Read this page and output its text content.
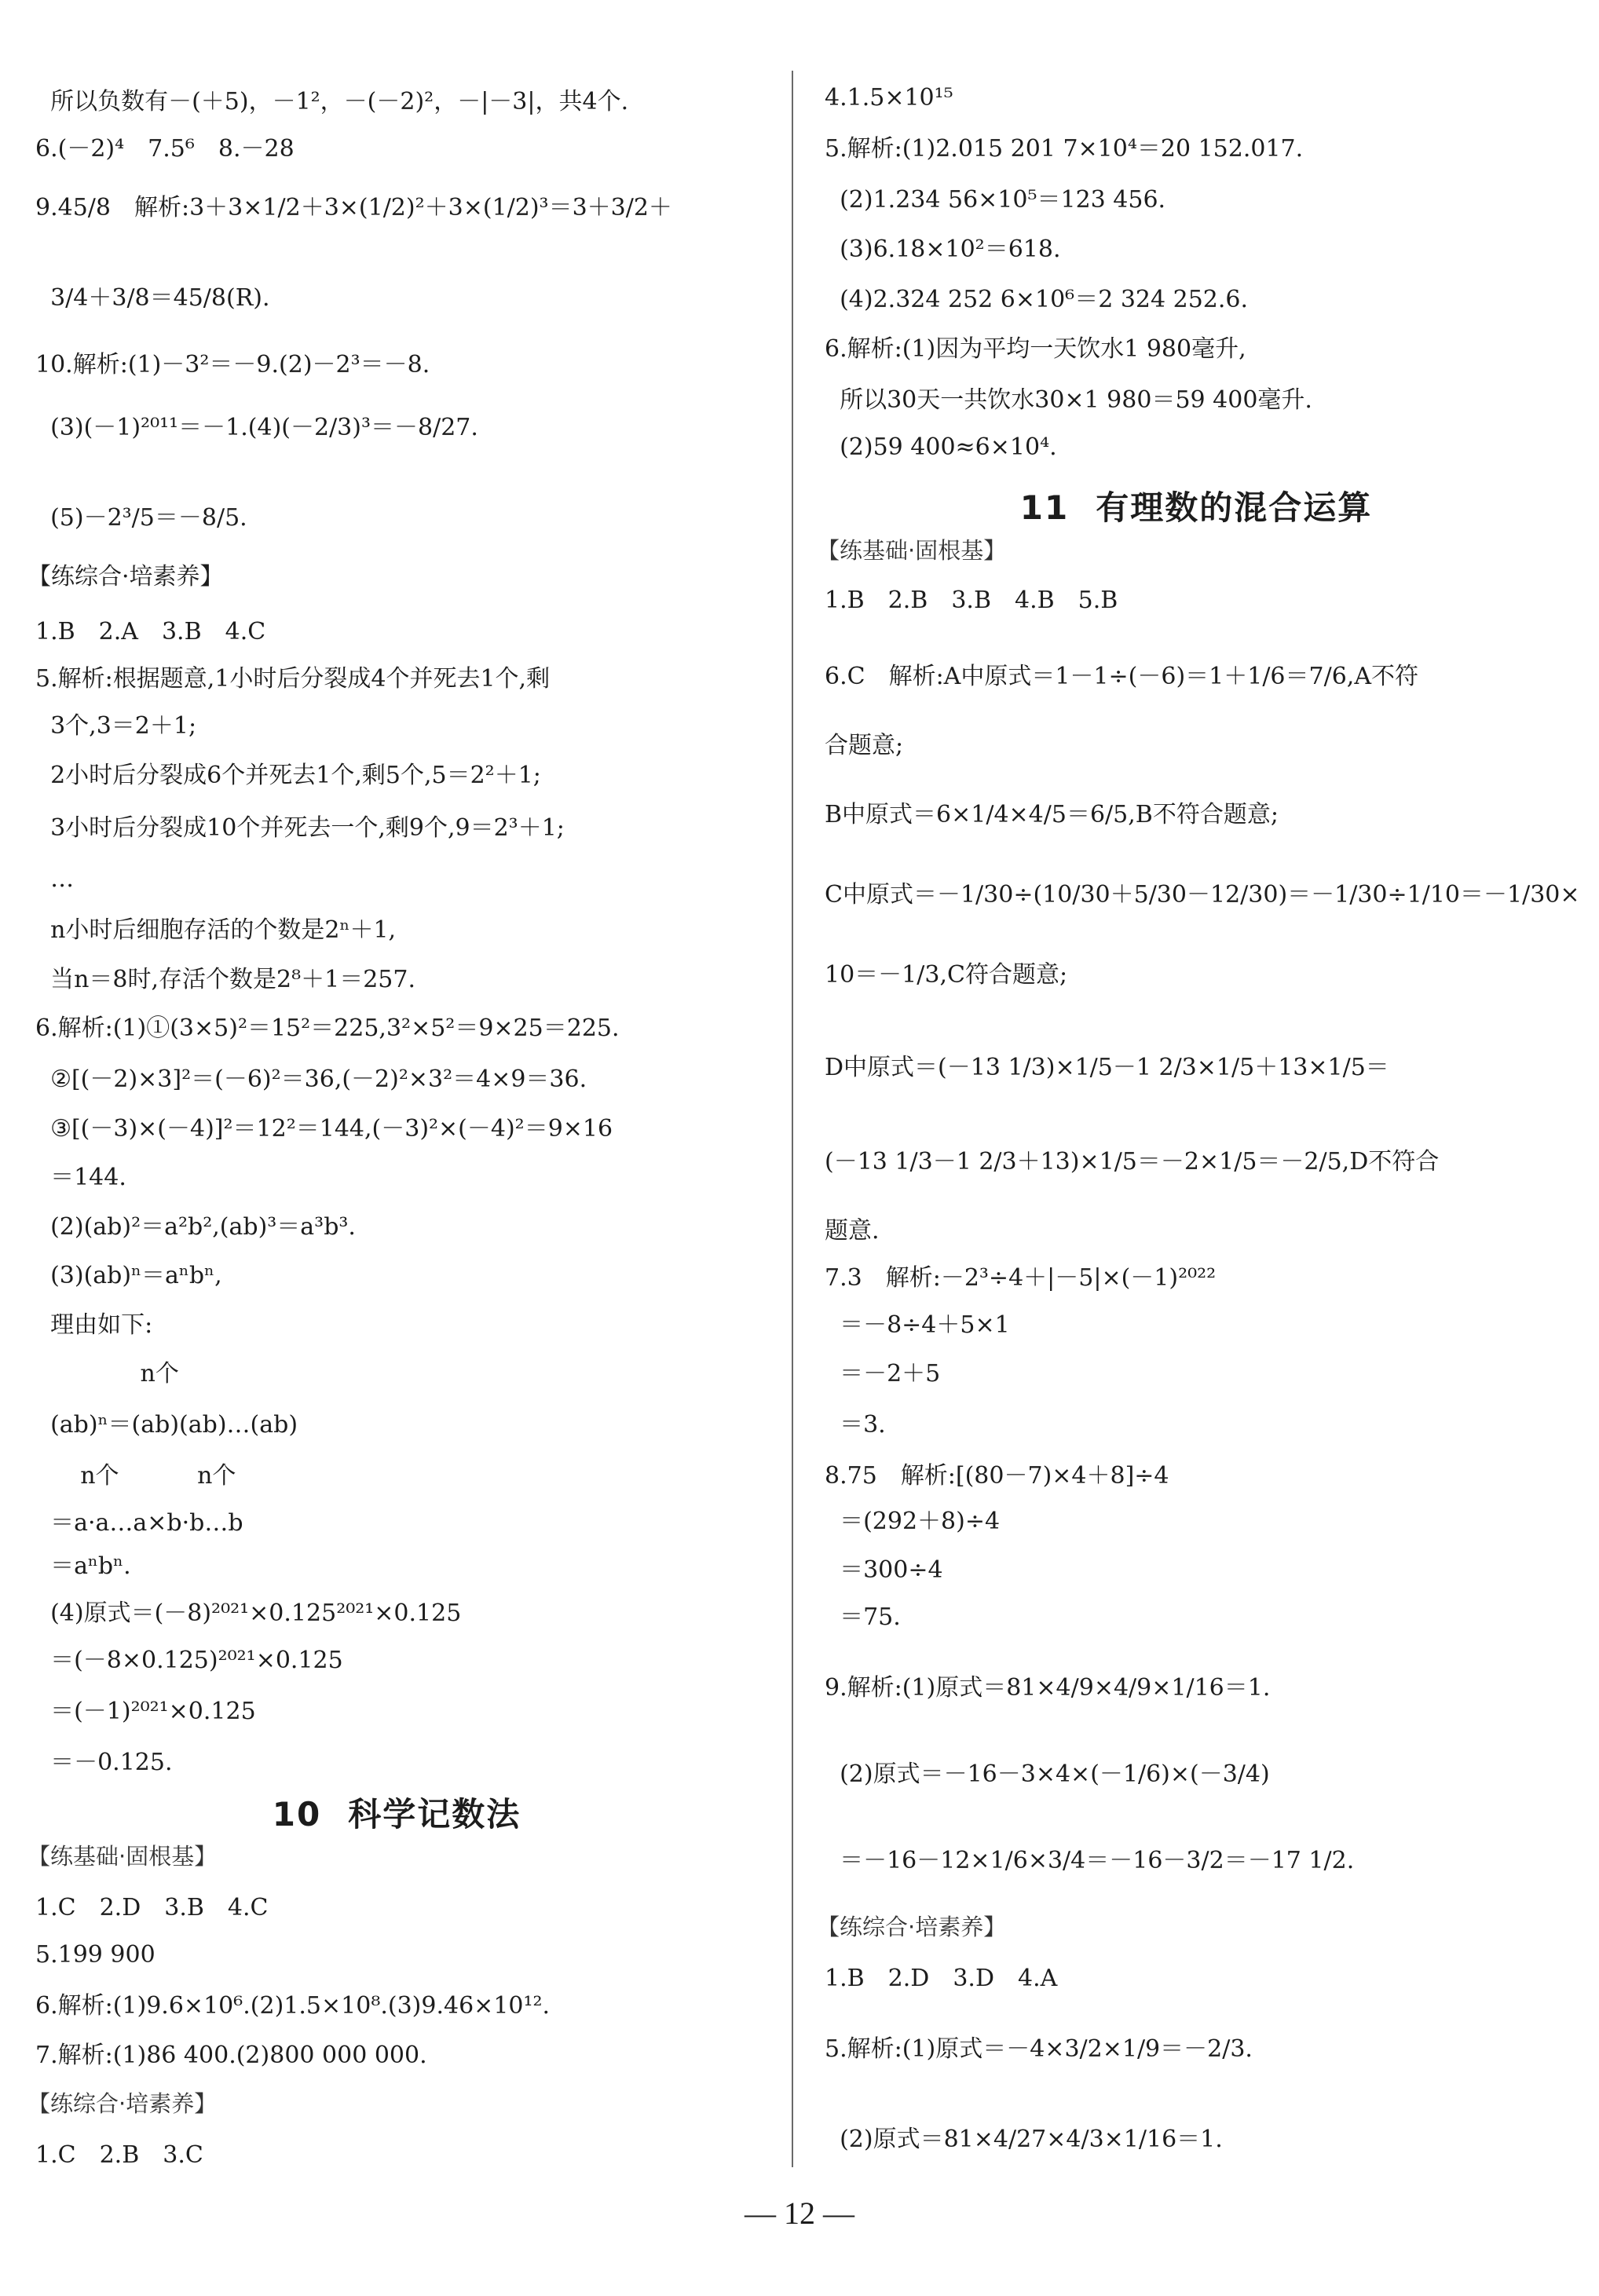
所以负数有－(＋5)，－1²，－(－2)²，－|－3|，共4个.
6.(－2)⁴　7.5⁶　8.－28
9.45/8　解析:3＋3×1/2＋3×(1/2)²＋3×(1/2)³＝3＋3/2＋
3/4＋3/8＝45/8(R).
10.解析:(1)－3²＝－9.(2)－2³＝－8.
(3)(－1)²⁰¹¹＝－1.(4)(－2/3)³＝－8/27.
(5)－2³/5＝－8/5.
【练综合·培素养】
1.B　2.A　3.B　4.C
5.解析:根据题意,1小时后分裂成4个并死去1个,剩
3个,3＝2＋1;
2小时后分裂成6个并死去1个,剩5个,5＝2²＋1;
3小时后分裂成10个并死去一个,剩9个,9＝2³＋1;
…
n小时后细胞存活的个数是2ⁿ＋1,
当n＝8时,存活个数是2⁸＋1＝257.
6.解析:(1)①(3×5)²＝15²＝225,3²×5²＝9×25＝225.
②[(－2)×3]²＝(－6)²＝36,(－2)²×3²＝4×9＝36.
③[(－3)×(－4)]²＝12²＝144,(－3)²×(－4)²＝9×16
＝144.
(2)(ab)²＝a²b²,(ab)³＝a³b³.
(3)(ab)ⁿ＝aⁿbⁿ,
理由如下:
n个
(ab)ⁿ＝(ab)(ab)…(ab)
n个　　　 n个
＝a·a…a×b·b…b
＝aⁿbⁿ.
(4)原式＝(－8)²⁰²¹×0.125²⁰²¹×0.125
＝(－8×0.125)²⁰²¹×0.125
＝(－1)²⁰²¹×0.125
＝－0.125.
10 科学记数法
【练基础·固根基】
1.C　2.D　3.B　4.C
5.199 900
6.解析:(1)9.6×10⁶.(2)1.5×10⁸.(3)9.46×10¹².
7.解析:(1)86 400.(2)800 000 000.
【练综合·培素养】
1.C　2.B　3.C
4.1.5×10¹⁵
5.解析:(1)2.015 201 7×10⁴＝20 152.017.
(2)1.234 56×10⁵＝123 456.
(3)6.18×10²＝618.
(4)2.324 252 6×10⁶＝2 324 252.6.
6.解析:(1)因为平均一天饮水1 980毫升,
所以30天一共饮水30×1 980＝59 400毫升.
(2)59 400≈6×10⁴.
11 有理数的混合运算
【练基础·固根基】
1.B　2.B　3.B　4.B　5.B
6.C　解析:A中原式＝1－1÷(－6)＝1＋1/6＝7/6,A不符
合题意;
B中原式＝6×1/4×4/5＝6/5,B不符合题意;
C中原式＝－1/30÷(10/30＋5/30－12/30)＝－1/30÷1/10＝－1/30×
10＝－1/3,C符合题意;
D中原式＝(－13 1/3)×1/5－1 2/3×1/5＋13×1/5＝
(－13 1/3－1 2/3＋13)×1/5＝－2×1/5＝－2/5,D不符合
题意.
7.3　解析:－2³÷4＋|－5|×(－1)²⁰²²
＝－8÷4＋5×1
＝－2＋5
＝3.
8.75　解析:[(80－7)×4＋8]÷4
＝(292＋8)÷4
＝300÷4
＝75.
9.解析:(1)原式＝81×4/9×4/9×1/16＝1.
(2)原式＝－16－3×4×(－1/6)×(－3/4)
＝－16－12×1/6×3/4＝－16－3/2＝－17 1/2.
【练综合·培素养】
1.B　2.D　3.D　4.A
5.解析:(1)原式＝－4×3/2×1/9＝－2/3.
(2)原式＝81×4/27×4/3×1/16＝1.
— 12 —
